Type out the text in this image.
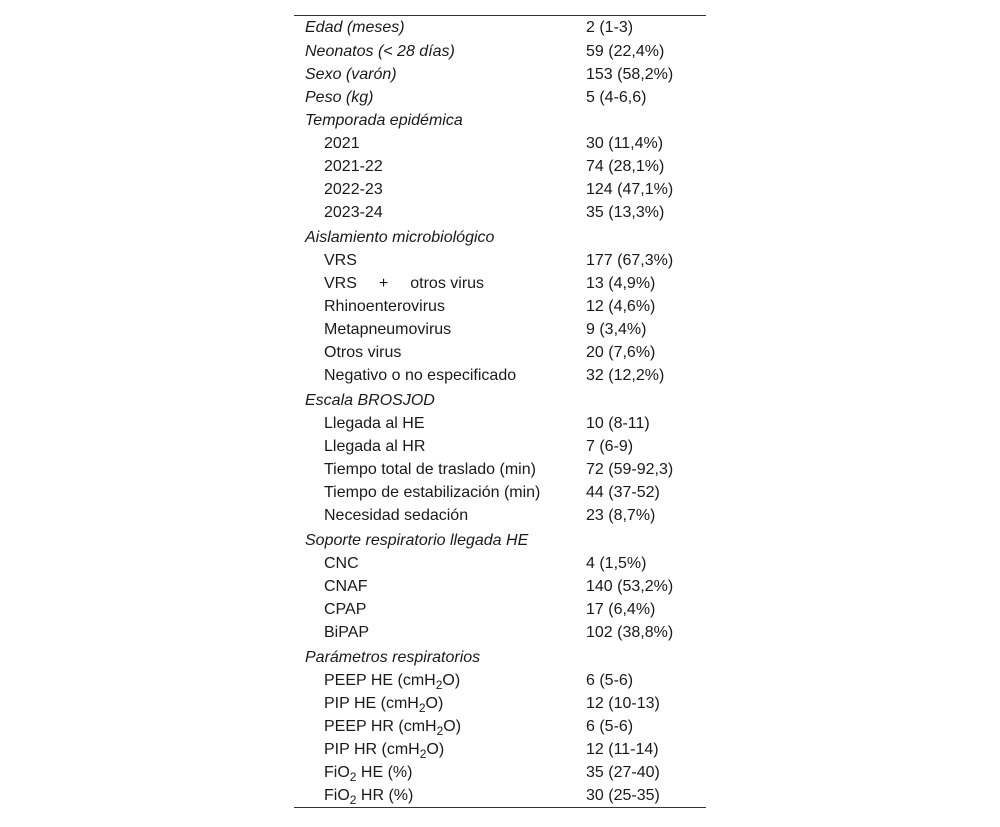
Edad (meses)	2 (1-3)
Neonatos (< 28 días)	59 (22,4%)
Sexo (varón)	153 (58,2%)
Peso (kg)	5 (4-6,6)
Temporada epidémica
2021	30 (11,4%)
2021-22	74 (28,1%)
2022-23	124 (47,1%)
2023-24	35 (13,3%)
Aislamiento microbiológico
VRS	177 (67,3%)
VRS + otros virus	13 (4,9%)
Rhinoenterovirus	12 (4,6%)
Metapneumovirus	9 (3,4%)
Otros virus	20 (7,6%)
Negativo o no especificado	32 (12,2%)
Escala BROSJOD
Llegada al HE	10 (8-11)
Llegada al HR	7 (6-9)
Tiempo total de traslado (min)	72 (59-92,3)
Tiempo de estabilización (min)	44 (37-52)
Necesidad sedación	23 (8,7%)
Soporte respiratorio llegada HE
CNC	4 (1,5%)
CNAF	140 (53,2%)
CPAP	17 (6,4%)
BiPAP	102 (38,8%)
Parámetros respiratorios
PEEP HE (cmH$_2$O)	6 (5-6)
PIP HE (cmH$_2$O)	12 (10-13)
PEEP HR (cmH$_2$O)	6 (5-6)
PIP HR (cmH$_2$O)	12 (11-14)
FiO$_2$ HE (%)	35 (27-40)
FiO$_2$ HR (%)	30 (25-35)
